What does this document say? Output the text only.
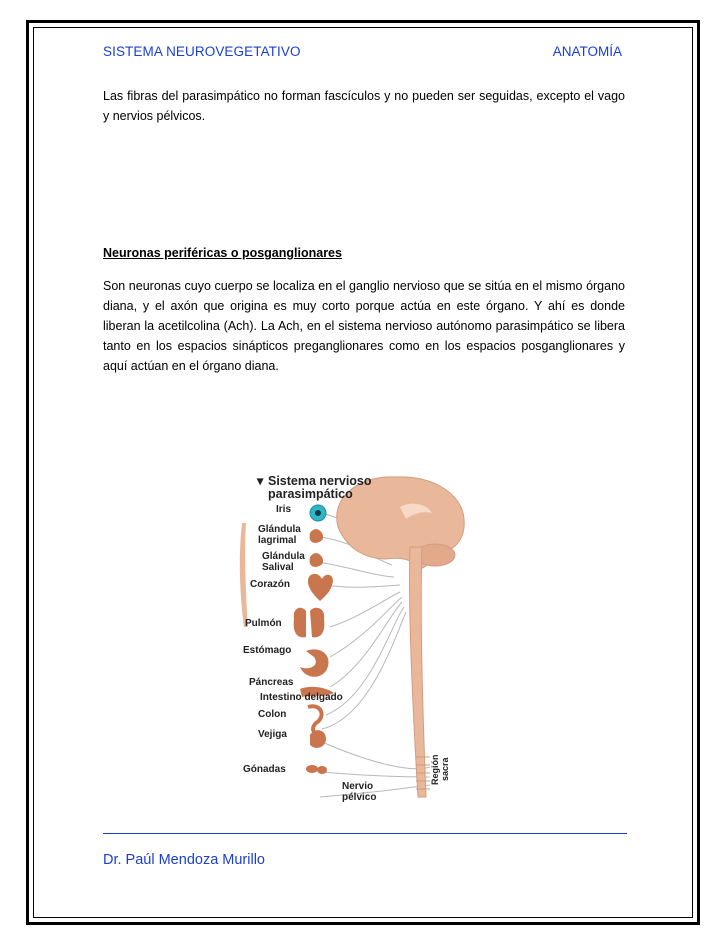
SISTEMA NEUROVEGETATIVO	ANATOMÍA
Las fibras del parasimpático no forman fascículos y no pueden ser seguidas, excepto el vago y nervios pélvicos.
Neuronas periféricas o posganglionares
Son neuronas cuyo cuerpo se localiza en el ganglio nervioso que se sitúa en el mismo órgano diana, y el axón que origina es muy corto porque actúa en este órgano. Y ahí es donde liberan la acetilcolina (Ach). La Ach, en el sistema nervioso autónomo parasimpático se libera tanto en los espacios sinápticos preganglionares como en los espacios posganglionares y aquí actúan en el órgano diana.
▾ Sistema nervioso
parasimpático
Iris
Glándula
lagrimal
Glándula
Salival
Corazón
Pulmón
Estómago
Páncreas
Intestino delgado
Colon
Vejiga
Gónadas
Nervio
pélvico
Región sacra
Dr. Paúl Mendoza Murillo
